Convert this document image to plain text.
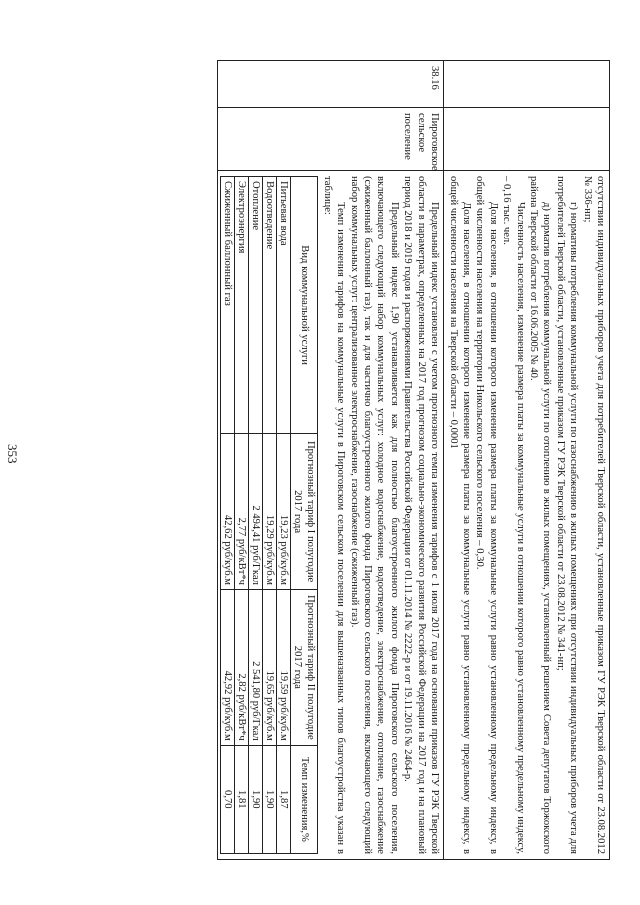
353
			отсутствии индивидуальных приборов учета для потребителей Тверской области, установленные приказом ГУ РЭК Тверской области от 23.08.2012 № 336-нп;

г) нормативы потребления коммунальной услуги по газоснабжению в жилых помещениях при отсутствии индивидуальных приборов учета для потребителей Тверской области, установленные приказом ГУ РЭК Тверской области от 23.08.2012 № 341-нп;

д) норматив потребления коммунальной услуги по отоплению в жилых помещениях, установленный решением Совета депутатов Торжокского района Тверской области от 16.06.2005 № 40.

Численность населения, изменение размера платы за коммунальные услуги в отношении которого равно установленному предельному индексу, – 0,16 тыс. чел.

Доля населения, в отношении которого изменение размера платы за коммунальные услуги равно установленному предельному индексу, в общей численности населения на территории Никольского сельского поселения – 0,30.

Доля населения, в отношении которого изменение размера платы за коммунальные услуги равно установленному предельному индексу, в общей численности населения на Тверской области – 0,0001

38.16	Пироговское сельское поселение	

Предельный индекс установлен с учетом прогнозного темпа изменения тарифов с 1 июля 2017 года на основании приказов ГУ РЭК Тверской области в параметрах, определенных на 2017 год прогнозом социально-экономического развития Российской Федерации на 2017 год и на плановый период 2018 и 2019 годов и распоряжениями Правительства Российской Федерации от 01.11.2014 № 2222-р и от 19.11.2016 № 2464-р.

Предельный индекс 1,90 устанавливается как для полностью благоустроенного жилого фонда Пироговского сельского поселения, включающего следующий набор коммунальных услуг: холодное водоснабжение, водоотведение, электроснабжение, отопление, газоснабжение (сжиженный баллонный газ), так и для частично благоустроенного жилого фонда Пироговского сельского поселения, включающего следующий набор коммунальных услуг: централизованное электроснабжение, газоснабжение (сжиженный газ).

Темп изменения тарифов на коммунальные услуги в Пироговском сельском поселении для вышеназванных типов благоустройства указан в таблице:

Вид коммунальной услуги	Прогнозный тариф I полугодие 2017 года	Прогнозный тариф II полугодие 2017 года	Темп изменения,%
Питьевая вода	19,23 руб/куб.м	19,59 руб/куб.м	1,87
Водоотведение	19,29 руб/куб.м	19,65 руб/куб.м	1,90
Отопление	2 494,41 руб/Гкал	2 541,80 руб/Гкал	1,90
Электроэнергия	2,77 руб/кВт*ч	2,82 руб/кВт*ч	1,81
Сжиженный баллонный газ	42,62 руб/куб.м	42,92 руб/куб.м	0,70
